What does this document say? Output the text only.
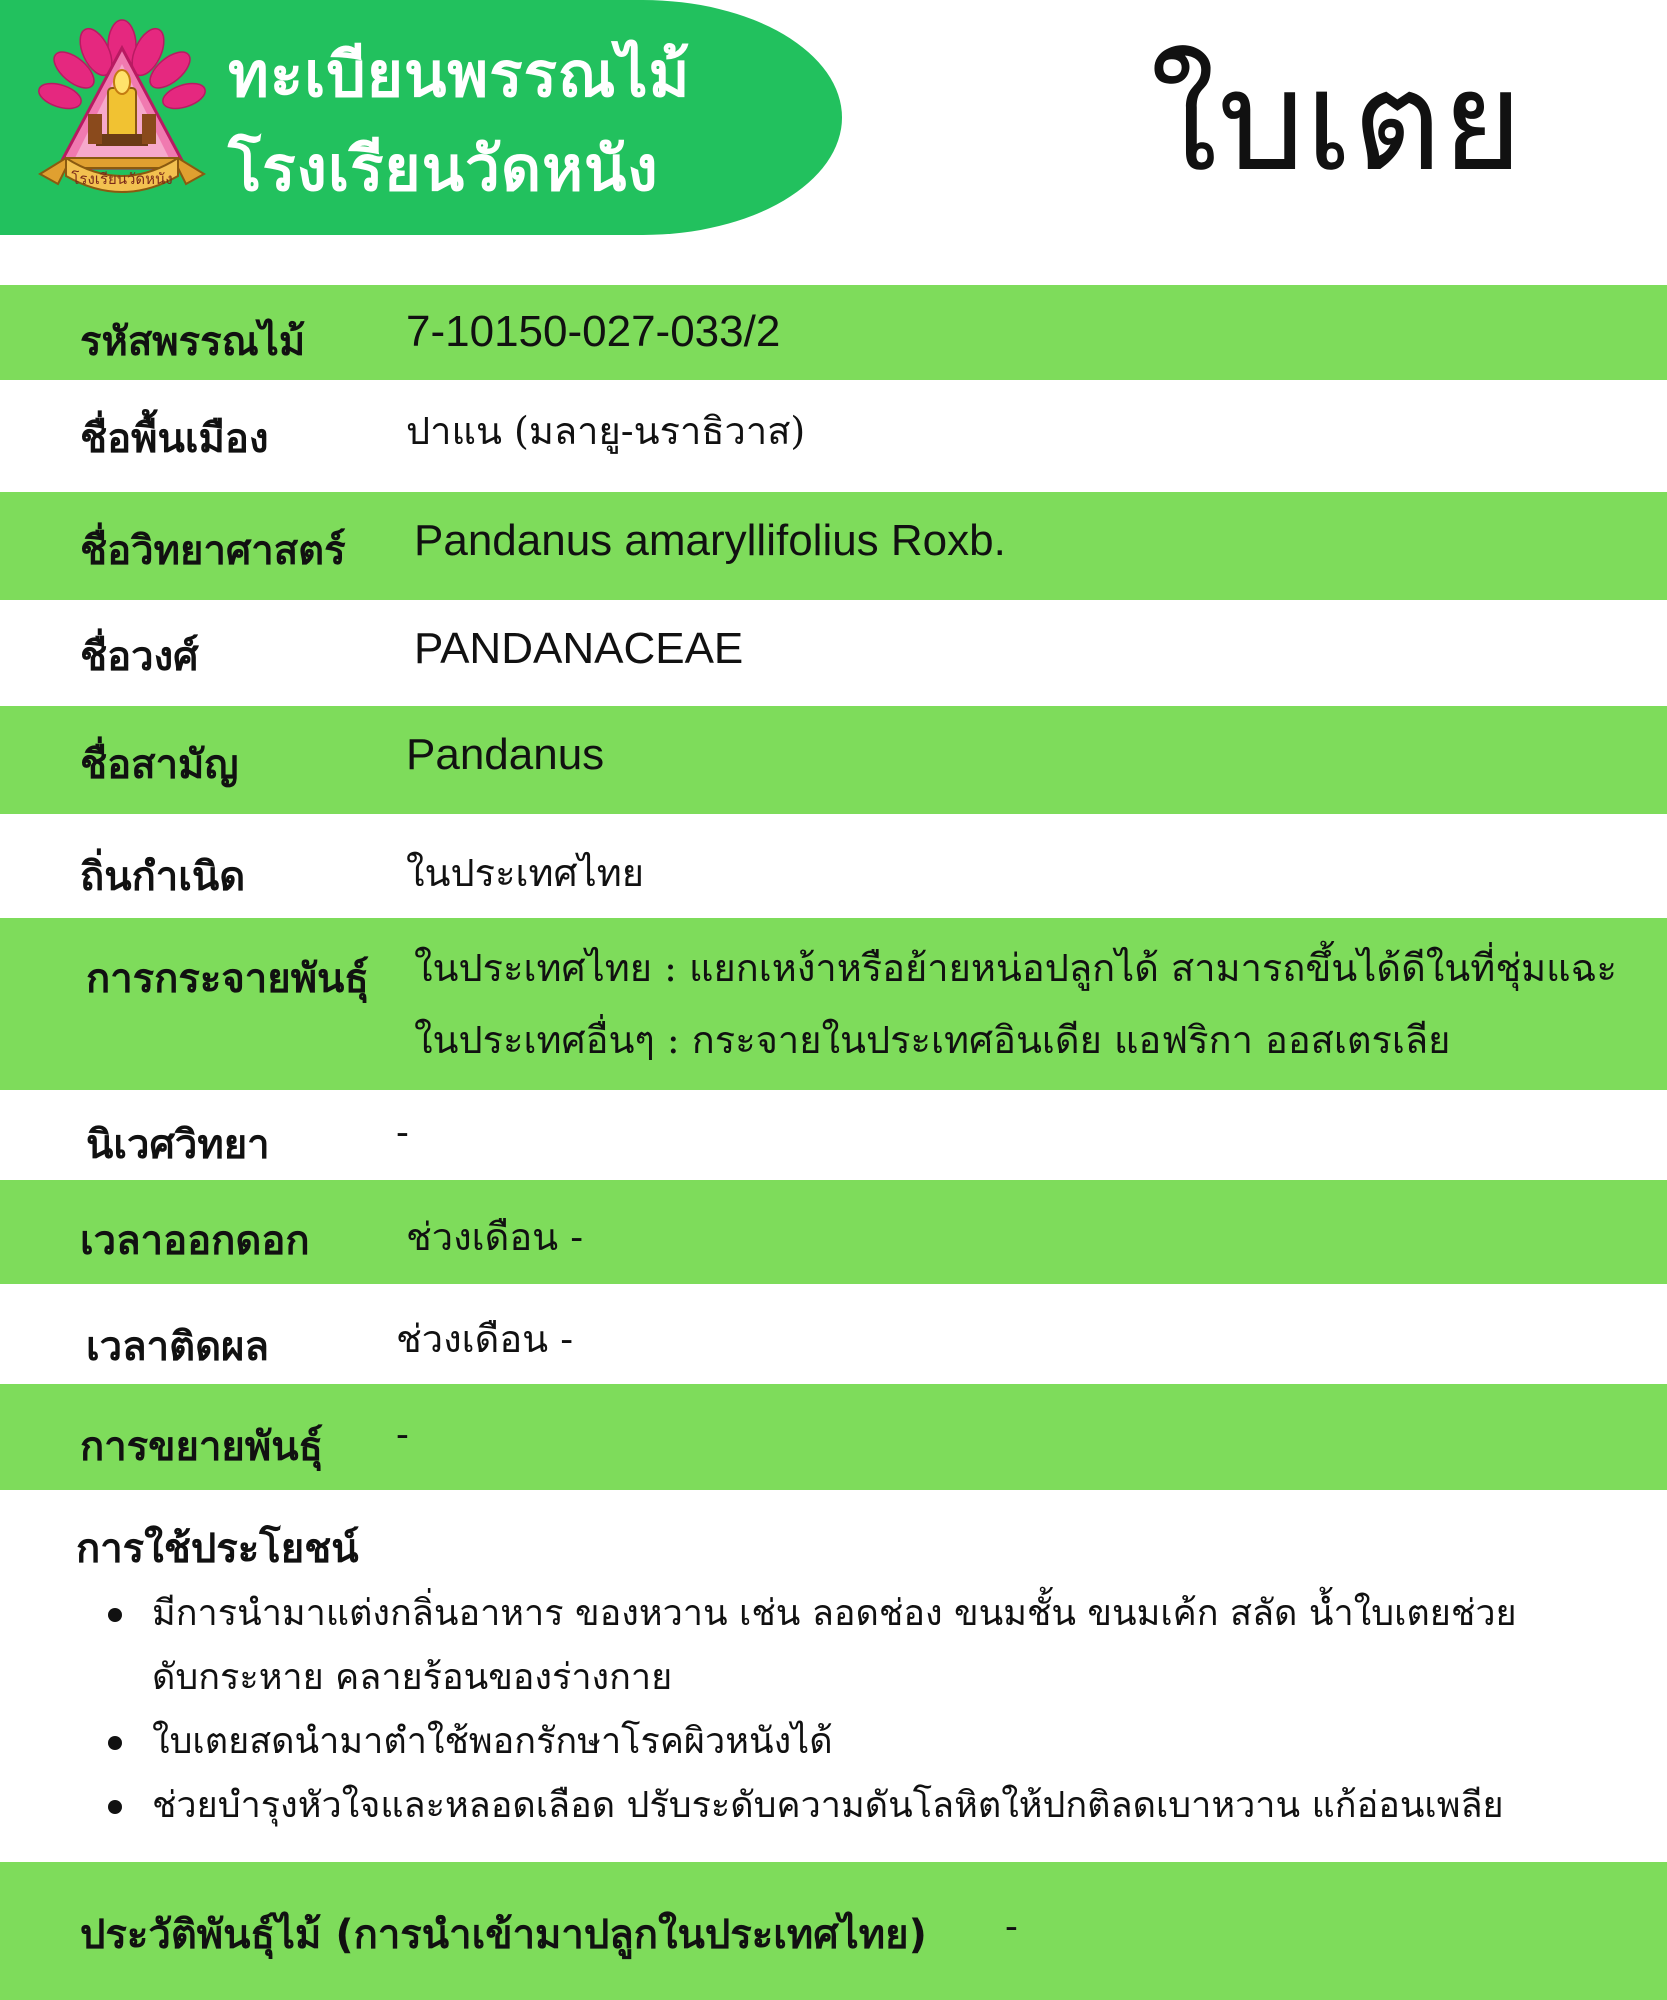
โรงเรียนวัดหนัง
ทะเบียนพรรณไม้
โรงเรียนวัดหนัง	ใบเตย
รหัสพรรณไม้ 7-10150-027-033/2
ชื่อพื้นเมือง	ปาแน (มลายู-นราธิวาส)
ชื่อวิทยาศาสตร์ Pandanus amaryllifolius Roxb.
ชื่อวงศ์	PANDANACEAE
ชื่อสามัญ	Pandanus
ถิ่นกำเนิด	ในประเทศไทย
การกระจายพันธุ์ ในประเทศไทย : แยกเหง้าหรือย้ายหน่อปลูกได้ สามารถขึ้นได้ดีในที่ชุ่มแฉะ
ในประเทศอื่นๆ : กระจายในประเทศอินเดีย แอฟริกา ออสเตรเลีย
นิเวศวิทยา	-
เวลาออกดอก	ช่วงเดือน -
เวลาติดผล	ช่วงเดือน -
การขยายพันธุ์ -
การใช้ประโยชน์
มีการนำมาแต่งกลิ่นอาหาร ของหวาน เช่น ลอดช่อง ขนมชั้น ขนมเค้ก สลัด น้ำใบเตยช่วย
ดับกระหาย คลายร้อนของร่างกาย
ใบเตยสดนำมาตำใช้พอกรักษาโรคผิวหนังได้
ช่วยบำรุงหัวใจและหลอดเลือด ปรับระดับความดันโลหิตให้ปกติลดเบาหวาน แก้อ่อนเพลีย
ประวัติพันธุ์ไม้ (การนำเข้ามาปลูกในประเทศไทย) -
